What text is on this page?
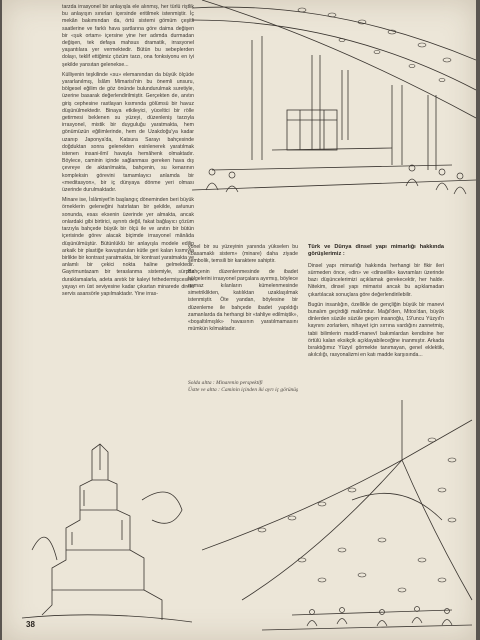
tarzda irrasyonel bir anlayışla ele alınmış, her türlü riştlik bu anlayışın sınırları içersinde eritilmek istenmiştir. İç mekân bakımından da, örtü sistemi gömüm çeşitli saatlerine ve farklı hava şartlarına göre daima değişen bir «şuk ortam» içersine yine her adımda durmadan değişen, tek defaya mahsus dramatik, irrasyonel yaşantılara yer vermektedir. Bütün bu sebeplerden dolayı, teklif ettiğimiz çözüm tarzı, ona fonksiyonu en iyi şekilde yansıtan gelenekse...

Külliyenin teşkilinde «su» elemanından da büyük ölçüde yararlanılmış, İslâm Mimarisi'nin bu önemli unsuru, bölgesel eğilim de göz önünde bulundurulmak suretiyle, üzerine basarak değerlendirilmiştir. Gerçekten de, anıtın giriş cephesine rastlayan kısmında gölümsü bir havuz düşünülmektedir. Binaya etkileyici, yüceltici bir rölle getirmesi beklenen su yüzeyi, düzenleniş tarzıyla irrasyonel, mistik bir duyguluğu yaratmakta, hem gönümüzün eğilimlerinde, hem de Uzakdoğu'ya kadar uzanıp Japonya'da, Katsura Sarayı bahçesinde doğduktan sonra gelenekten esinlenerek yaratılmak istenen insani-ilmî havayla hemâhenk olmaktadır. Böylece, caminin içinde sağlanması gereken hava dış çevreye de aktarılmakta, bahçenin, su kenarının kompleksin görevini tamamlayıcı anlamda bir «meditasyon», bir iç dünyaya dönme yeri olması üzerinde durulmaktadır.

Minare ise, İslâmiyet'in başlangıç döneminden beri büyük örneklerin geleneğini hatırlatan bir şekilde, avlunun sonunda, esas eksenin üzerinde yer almakta, ancak onlardaki gibi birtirici, ayrıntı değil, fakat bağlayıcı çözüm tarzıyla bahçede büyük bir ölçü ile ve anıtın bir bütün içerisinde görev alacak biçimde irrasyonel mânâda düşünülmüştür. Bütünlüklü bir anlayışla modele edilip arkaik bir plastiğe kavuşturulan kütle geri kalan kısmıyla birlikte bir kontrast yaratmakta, bir kontrast yaratmakta ve anlamlı bir çekici nokta haline gelmektedir. Gayrimuntazam bir teraslanma sistemiyle, sürpriz duraklamalarla, adeta anıtık bir kaleyi fethedermişcesine yayayı en üst seviyesine kadar çıkartan minarede direkt servis asansörle yapılmaktadır. Yine irras-

yonel bir su yüzeyinin yanında yükselen bu «basamaklı sistem» (minare) daha ziyade sembolik, temsili bir karaktere sahiptir.

Bahçenin düzenlenmesinde de ibadet bölgelerini irrasyonel parçalara ayırmış, böylece namaz kılanların kümelenmesinde simetriklikten, katılıktan uzaklaşılmak istenmiştir. Öte yandan, böylesine bir düzenleme ile bahçede ibadet yapıldığı zamanlarda da herhangi bir «tahliye edilmiştik», «boşaltılmışlık» havasının yaratılmamasını mümkün kılmaktadır.

Solda altta : Minarenin perspektifi
Üstte ve altta : Caminin içinden iki ayrı iç görünüş
Türk ve Dünya dinsel yapı mimarlığı hakkında görüşlerimiz :

Dinsel yapı mimarlığı hakkında herhangi bir fikir ileri sürmeden önce, «din» ve «dinsellik» kavramları üzerinde bazı düşüncelerimizi açıklamak gerekecektir, her halde. Nitekim, dinsel yapı mimarisi ancak bu açıklamadan çıkartılacak sonuçlara göre değerlendirilebilir.

Bugün insanlığın, özellikle de gençliğin büyük bir manevi bunalım geçirdiği malûmdur. Mağıl'den, Mitos'dan, büyük dinlerden süzüle süzüle geçen insanoğlu, 19'uncu Yüzyıl'n kaynını zorlarken, nihayet için sırrına vardığını zannetmiş, tabii bilimlerin maddî-manevî bakımlardan kendisine her örtülü kalan eksikçik açıklayabileceğine inanmıştır. Arkada bıraktığımız Yüzyıl görmekte tanımayan, genel eklektik, akılcılığı, rasyonalizmi en katı madde karşısında...

38
